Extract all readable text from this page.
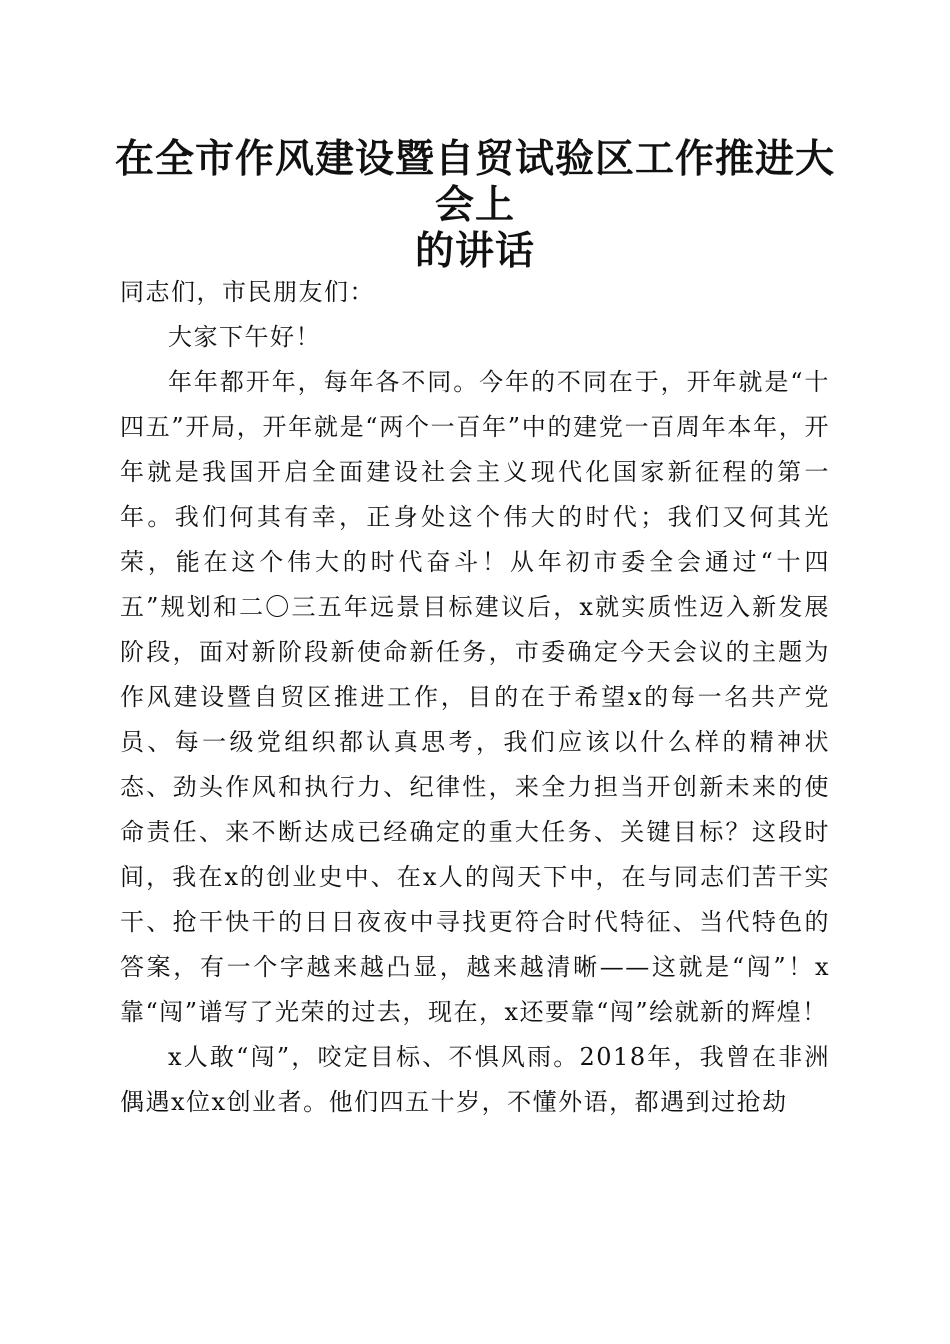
在全市作风建设暨自贸试验区工作推进大会上
的讲话

同志们，市民朋友们：

大家下午好！

年年都开年，每年各不同。今年的不同在于，开年就是“十四五”开局，开年就是“两个一百年”中的建党一百周年本年，开年就是我国开启全面建设社会主义现代化国家新征程的第一年。我们何其有幸，正身处这个伟大的时代；我们又何其光荣，能在这个伟大的时代奋斗！从年初市委全会通过“十四五”规划和二〇三五年远景目标建议后，x就实质性迈入新发展阶段，面对新阶段新使命新任务，市委确定今天会议的主题为作风建设暨自贸区推进工作，目的在于希望x的每一名共产党员、每一级党组织都认真思考，我们应该以什么样的精神状态、劲头作风和执行力、纪律性，来全力担当开创新未来的使命责任、来不断达成已经确定的重大任务、关键目标？这段时间，我在x的创业史中、在x人的闯天下中，在与同志们苦干实干、抢干快干的日日夜夜中寻找更符合时代特征、当代特色的答案，有一个字越来越凸显，越来越清晰——这就是“闯”！x靠“闯”谱写了光荣的过去，现在，x还要靠“闯”绘就新的辉煌！

x人敢“闯”，咬定目标、不惧风雨。2018年，我曾在非洲偶遇x位x创业者。他们四五十岁，不懂外语，都遇到过抢劫
